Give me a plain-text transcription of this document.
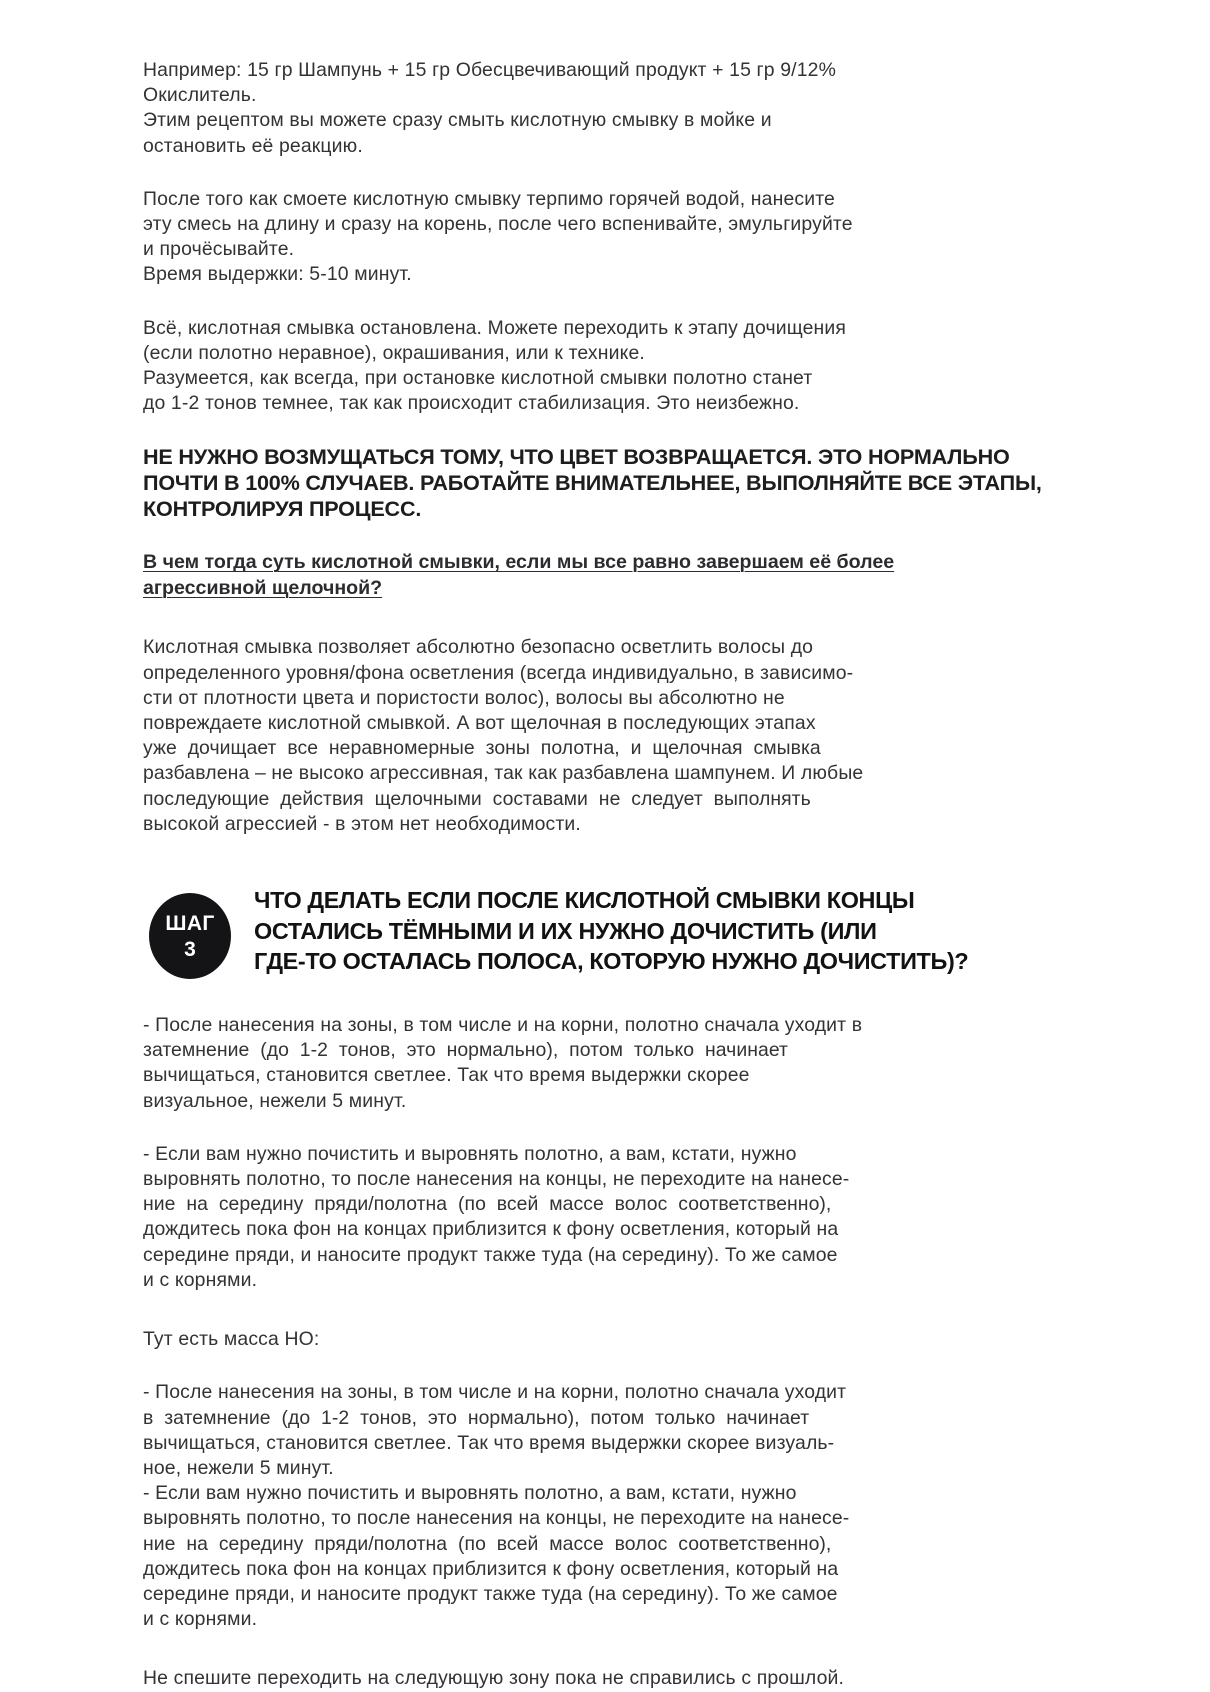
Например: 15 гр Шампунь + 15 гр Обесцвечивающий продукт + 15 гр 9/12%
Окислитель.
Этим рецептом вы можете сразу смыть кислотную смывку в мойке и
остановить её реакцию.

После того как смоете кислотную смывку терпимо горячей водой, нанесите
эту смесь на длину и сразу на корень, после чего вспенивайте, эмульгируйте
и прочёсывайте.
Время выдержки: 5-10 минут.

Всё, кислотная смывка остановлена. Можете переходить к этапу дочищения
(если полотно неравное), окрашивания, или к технике.
Разумеется, как всегда, при остановке кислотной смывки полотно станет
до 1-2 тонов темнее, так как происходит стабилизация. Это неизбежно.

НЕ НУЖНО ВОЗМУЩАТЬСЯ ТОМУ, ЧТО ЦВЕТ ВОЗВРАЩАЕТСЯ. ЭТО НОРМАЛЬНО
ПОЧТИ В 100% СЛУЧАЕВ. РАБОТАЙТЕ ВНИМАТЕЛЬНЕЕ, ВЫПОЛНЯЙТЕ ВСЕ ЭТАПЫ,
КОНТРОЛИРУЯ ПРОЦЕСС.

В чем тогда суть кислотной смывки, если мы все равно завершаем её более
агрессивной щелочной?

Кислотная смывка позволяет абсолютно безопасно осветлить волосы до
определенного уровня/фона осветления (всегда индивидуально, в зависимо-
сти от плотности цвета и пористости волос), волосы вы абсолютно не
повреждаете кислотной смывкой. А вот щелочная в последующих этапах
уже  дочищает  все  неравномерные  зоны  полотна,  и  щелочная  смывка
разбавлена – не высоко агрессивная, так как разбавлена шампунем. И любые
последующие  действия  щелочными  составами  не  следует  выполнять
высокой агрессией - в этом нет необходимости.

ШАГ
3
ЧТО ДЕЛАТЬ ЕСЛИ ПОСЛЕ КИСЛОТНОЙ СМЫВКИ КОНЦЫ
ОСТАЛИСЬ ТЁМНЫМИ И ИХ НУЖНО ДОЧИСТИТЬ (ИЛИ
ГДЕ-ТО ОСТАЛАСЬ ПОЛОСА, КОТОРУЮ НУЖНО ДОЧИСТИТЬ)?

- После нанесения на зоны, в том числе и на корни, полотно сначала уходит в
затемнение  (до  1-2  тонов,  это  нормально),  потом  только  начинает
вычищаться, становится светлее. Так что время выдержки скорее
визуальное, нежели 5 минут.

- Если вам нужно почистить и выровнять полотно, а вам, кстати, нужно
выровнять полотно, то после нанесения на концы, не переходите на нанесе-
ние  на  середину  пряди/полотна  (по  всей  массе  волос  соответственно),
дождитесь пока фон на концах приблизится к фону осветления, который на
середине пряди, и наносите продукт также туда (на середину). То же самое
и с корнями.

Тут есть масса НО:

- После нанесения на зоны, в том числе и на корни, полотно сначала уходит
в  затемнение  (до  1-2  тонов,  это  нормально),  потом  только  начинает
вычищаться, становится светлее. Так что время выдержки скорее визуаль-
ное, нежели 5 минут.

- Если вам нужно почистить и выровнять полотно, а вам, кстати, нужно
выровнять полотно, то после нанесения на концы, не переходите на нанесе-
ние  на  середину  пряди/полотна  (по  всей  массе  волос  соответственно),
дождитесь пока фон на концах приблизится к фону осветления, который на
середине пряди, и наносите продукт также туда (на середину). То же самое
и с корнями.

Не спешите переходить на следующую зону пока не справились с прошлой.
